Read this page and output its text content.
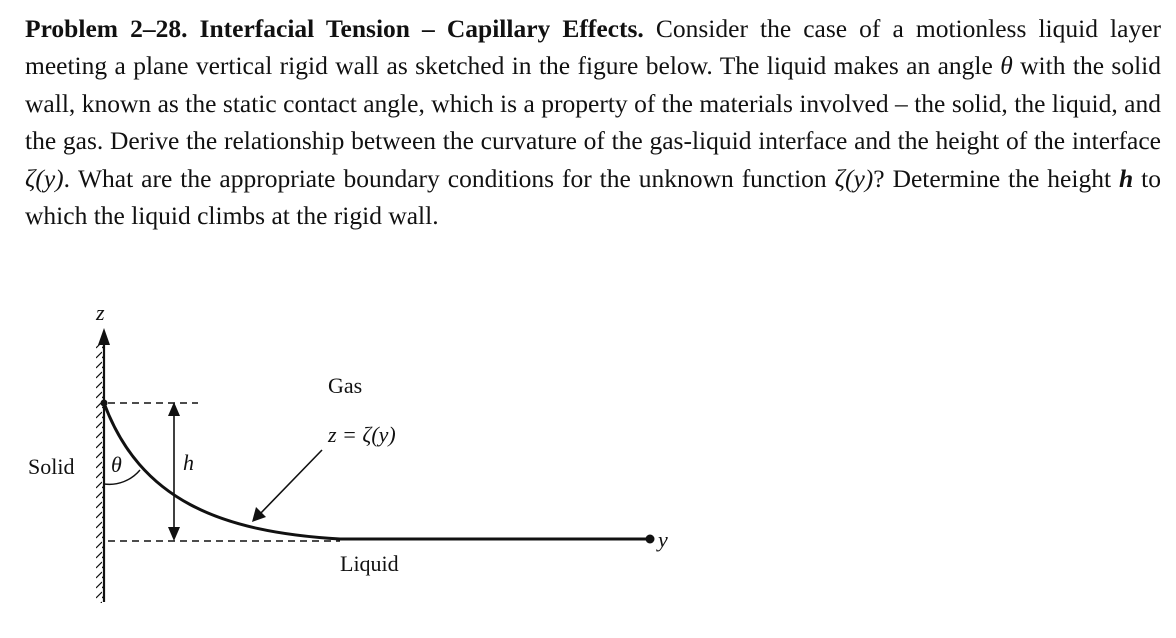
Problem 2–28. Interfacial Tension – Capillary Effects. Consider the case of a motionless liquid layer meeting a plane vertical rigid wall as sketched in the figure below. The liquid makes an angle θ with the solid wall, known as the static contact angle, which is a property of the materials involved – the solid, the liquid, and the gas. Derive the relationship between the curvature of the gas-liquid interface and the height of the interface ζ(y). What are the appropriate boundary conditions for the unknown function ζ(y)? Determine the height h to which the liquid climbs at the rigid wall.

z
Gas
z = ζ(y)
Solid θ	h
Liquid
y
